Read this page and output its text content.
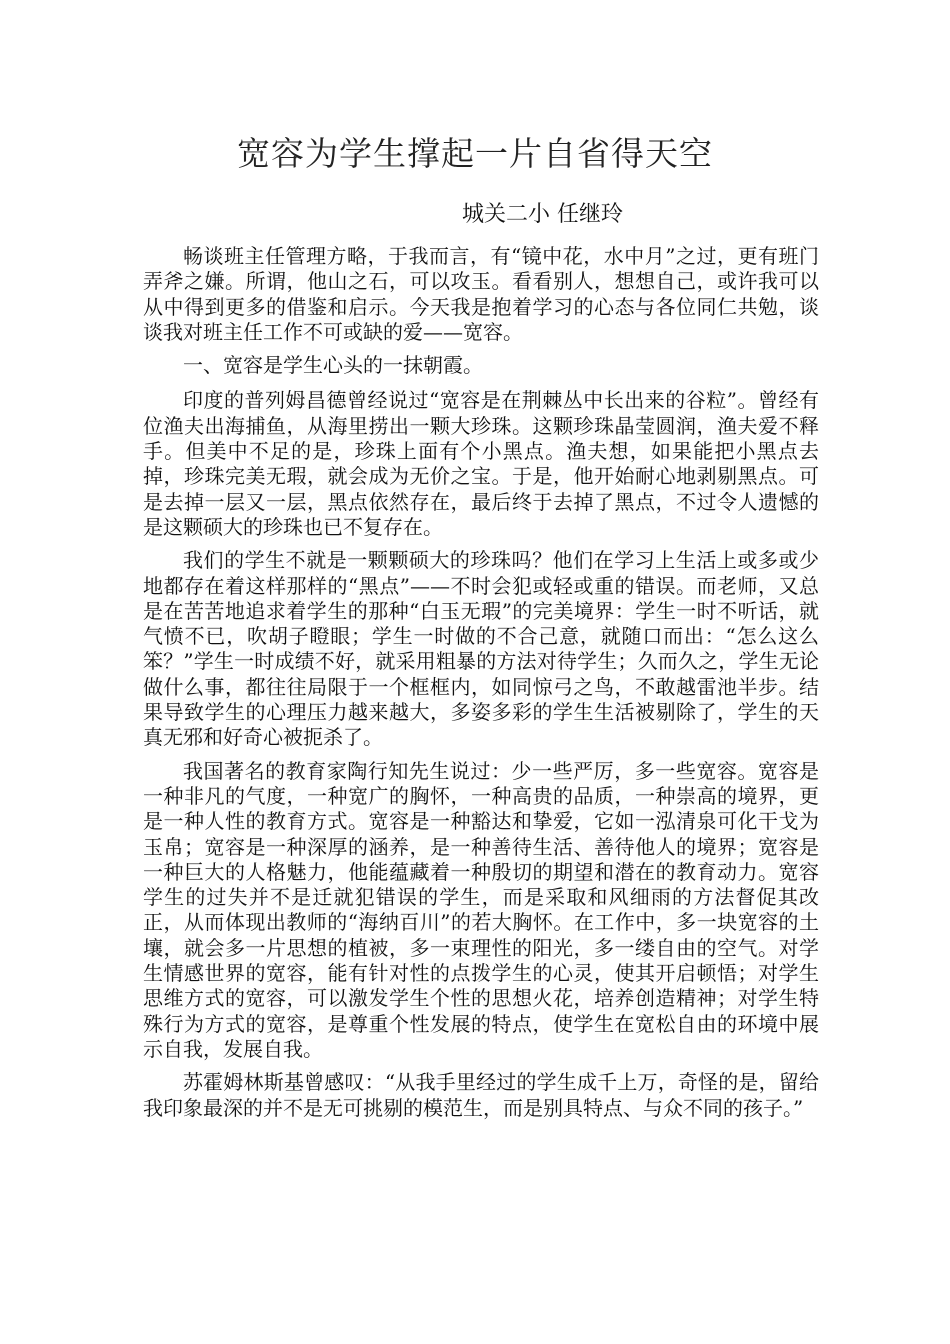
宽容为学生撑起一片自省得天空
城关二小 任继玲

畅谈班主任管理方略，于我而言，有“镜中花，水中月”之过，更有班门弄斧之嫌。所谓，他山之石，可以攻玉。看看别人，想想自己，或许我可以从中得到更多的借鉴和启示。今天我是抱着学习的心态与各位同仁共勉，谈谈我对班主任工作不可或缺的爱——宽容。

一、宽容是学生心头的一抹朝霞。

印度的普列姆昌德曾经说过“宽容是在荆棘丛中长出来的谷粒”。曾经有位渔夫出海捕鱼，从海里捞出一颗大珍珠。这颗珍珠晶莹圆润，渔夫爱不释手。但美中不足的是，珍珠上面有个小黑点。渔夫想，如果能把小黑点去掉，珍珠完美无瑕，就会成为无价之宝。于是，他开始耐心地剥剔黑点。可是去掉一层又一层，黑点依然存在，最后终于去掉了黑点，不过令人遗憾的是这颗硕大的珍珠也已不复存在。

我们的学生不就是一颗颗硕大的珍珠吗？他们在学习上生活上或多或少地都存在着这样那样的“黑点”——不时会犯或轻或重的错误。而老师，又总是在苦苦地追求着学生的那种“白玉无瑕”的完美境界：学生一时不听话，就气愤不已，吹胡子瞪眼；学生一时做的不合己意，就随口而出：“怎么这么笨？”学生一时成绩不好，就采用粗暴的方法对待学生；久而久之，学生无论做什么事，都往往局限于一个框框内，如同惊弓之鸟，不敢越雷池半步。结果导致学生的心理压力越来越大，多姿多彩的学生生活被剔除了，学生的天真无邪和好奇心被扼杀了。

我国著名的教育家陶行知先生说过：少一些严厉，多一些宽容。宽容是一种非凡的气度，一种宽广的胸怀，一种高贵的品质，一种崇高的境界，更是一种人性的教育方式。宽容是一种豁达和挚爱，它如一泓清泉可化干戈为玉帛；宽容是一种深厚的涵养，是一种善待生活、善待他人的境界；宽容是一种巨大的人格魅力，他能蕴藏着一种殷切的期望和潜在的教育动力。宽容学生的过失并不是迁就犯错误的学生，而是采取和风细雨的方法督促其改正，从而体现出教师的“海纳百川”的若大胸怀。在工作中，多一块宽容的土壤，就会多一片思想的植被，多一束理性的阳光，多一缕自由的空气。对学生情感世界的宽容，能有针对性的点拨学生的心灵，使其开启顿悟；对学生思维方式的宽容，可以激发学生个性的思想火花，培养创造精神；对学生特殊行为方式的宽容，是尊重个性发展的特点，使学生在宽松自由的环境中展示自我，发展自我。

苏霍姆林斯基曾感叹：“从我手里经过的学生成千上万，奇怪的是，留给我印象最深的并不是无可挑剔的模范生，而是别具特点、与众不同的孩子。”
